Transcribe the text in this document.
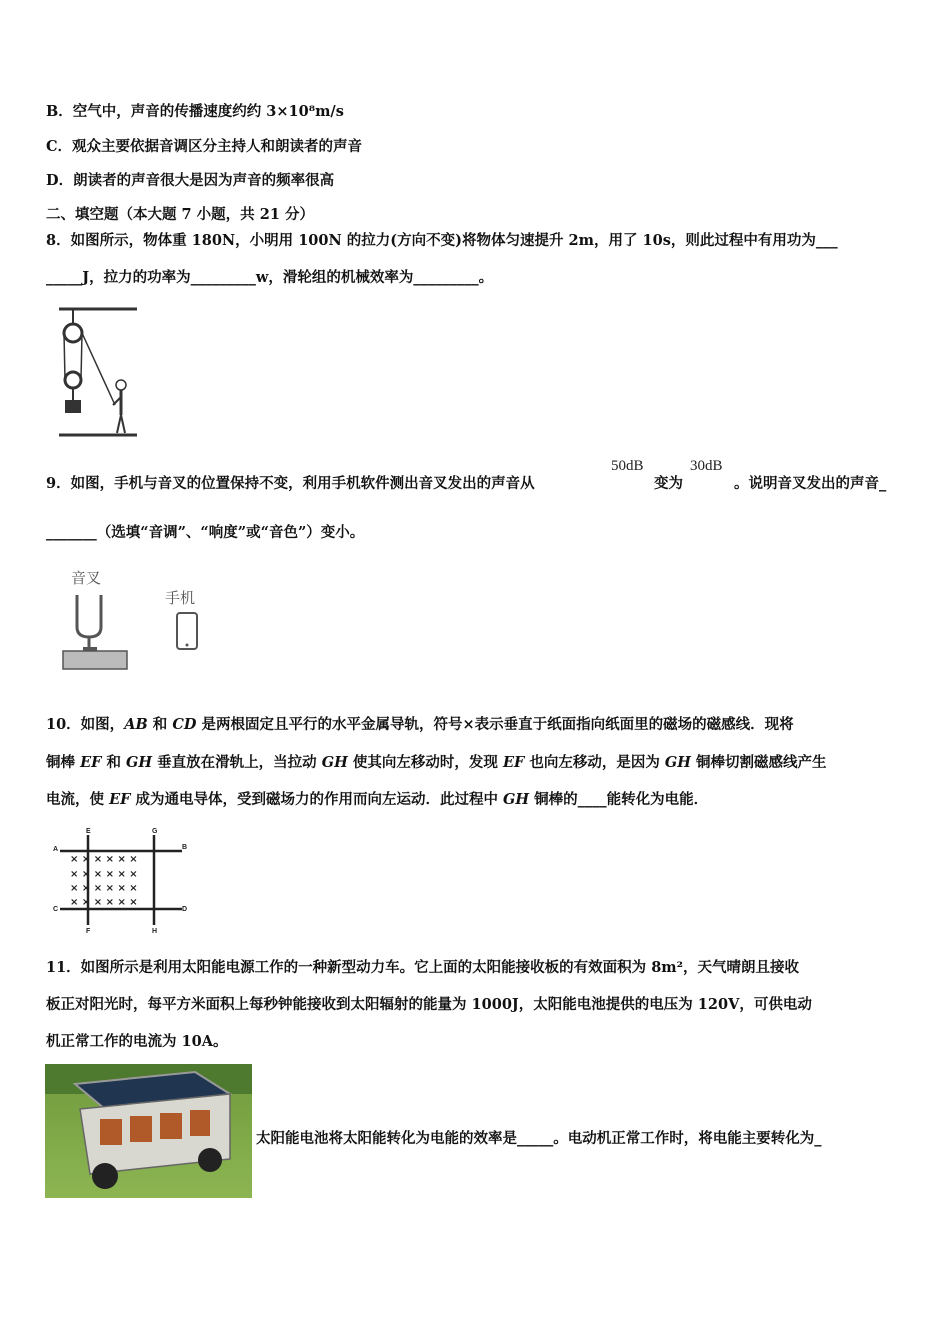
B．空气中，声音的传播速度约约 3×10⁸m/s
C．观众主要依据音调区分主持人和朗读者的声音
D．朗读者的声音很大是因为声音的频率很高
二、填空题（本大题 7 小题，共 21 分）
8．如图所示，物体重 180N，小明用 100N 的拉力(方向不变)将物体匀速提升 2m，用了 10s，则此过程中有用功为___
_____J，拉力的功率为_________w，滑轮组的机械效率为_________。
9．如图，手机与音叉的位置保持不变，利用手机软件测出音叉发出的声音从
50dB
变为
30dB
。说明音叉发出的声音_
_______（选填“音调”、“响度”或“音色”）变小。
音叉
手机
10．如图，AB 和 CD 是两根固定且平行的水平金属导轨，符号×表示垂直于纸面指向纸面里的磁场的磁感线．现将
铜棒 EF 和 GH 垂直放在滑轨上，当拉动 GH 使其向左移动时，发现 EF 也向左移动，是因为 GH 铜棒切割磁感线产生
电流，使 EF 成为通电导体，受到磁场力的作用而向左运动．此过程中 GH 铜棒的____能转化为电能．
A	B
C	D
E
F
G
H
× × × × × ×
× × × × × ×
× × × × × ×
× × × × × ×
11．如图所示是利用太阳能电源工作的一种新型动力车。它上面的太阳能接收板的有效面积为 8m²，天气晴朗且接收
板正对阳光时，每平方米面积上每秒钟能接收到太阳辐射的能量为 1000J，太阳能电池提供的电压为 120V，可供电动
机正常工作的电流为 10A。
太阳能电池将太阳能转化为电能的效率是_____。电动机正常工作时，将电能主要转化为_
